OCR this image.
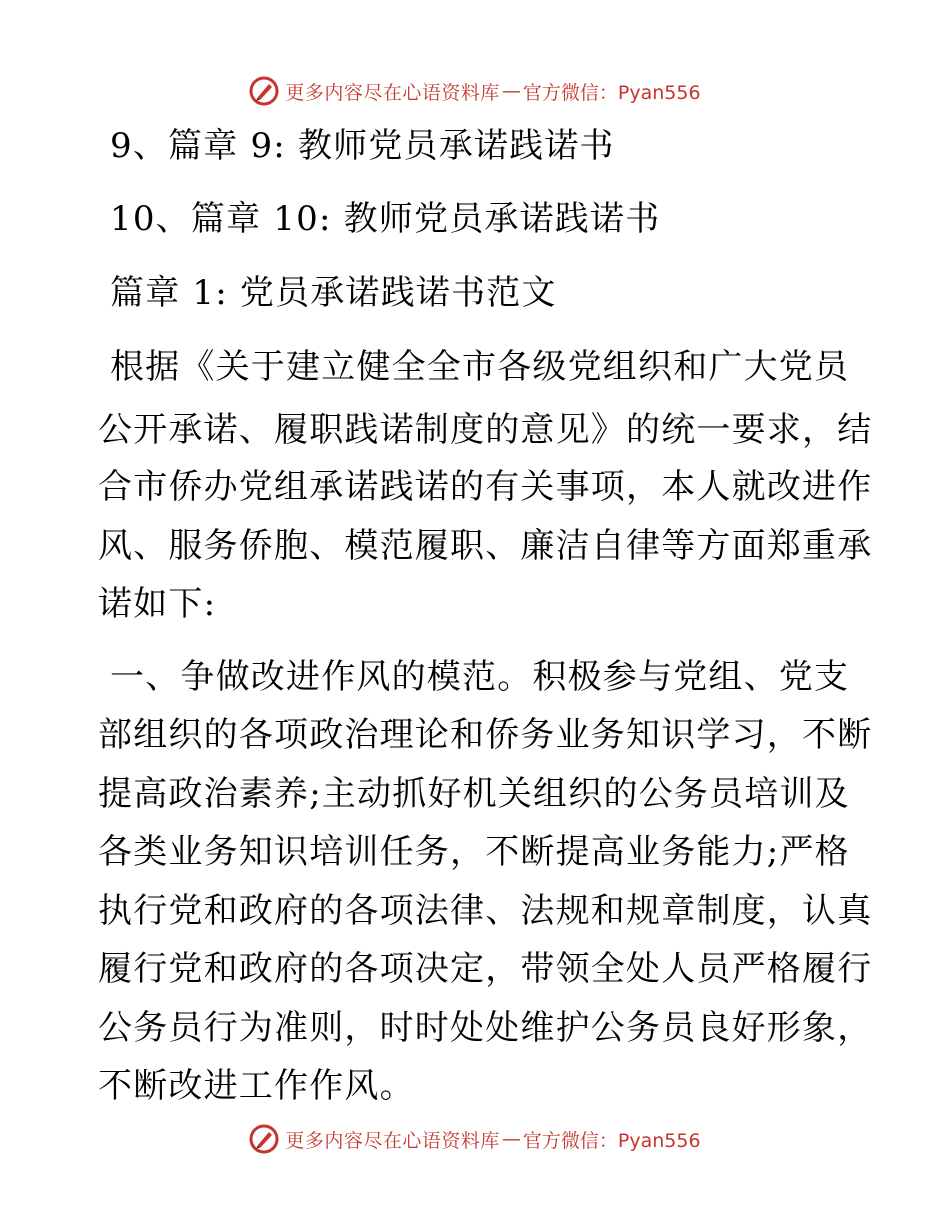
更多内容尽在心语资料库 — 官方微信：Pyan556
9、篇章 9: 教师党员承诺践诺书
10、篇章 10: 教师党员承诺践诺书
篇章 1: 党员承诺践诺书范文
根据《关于建立健全全市各级党组织和广大党员
公开承诺、履职践诺制度的意见》的统一要求，结
合市侨办党组承诺践诺的有关事项，本人就改进作
风、服务侨胞、模范履职、廉洁自律等方面郑重承
诺如下:
一、争做改进作风的模范。积极参与党组、党支
部组织的各项政治理论和侨务业务知识学习，不断
提高政治素养;主动抓好机关组织的公务员培训及
各类业务知识培训任务，不断提高业务能力;严格
执行党和政府的各项法律、法规和规章制度，认真
履行党和政府的各项决定，带领全处人员严格履行
公务员行为准则，时时处处维护公务员良好形象，
不断改进工作作风。
更多内容尽在心语资料库 — 官方微信：Pyan556
